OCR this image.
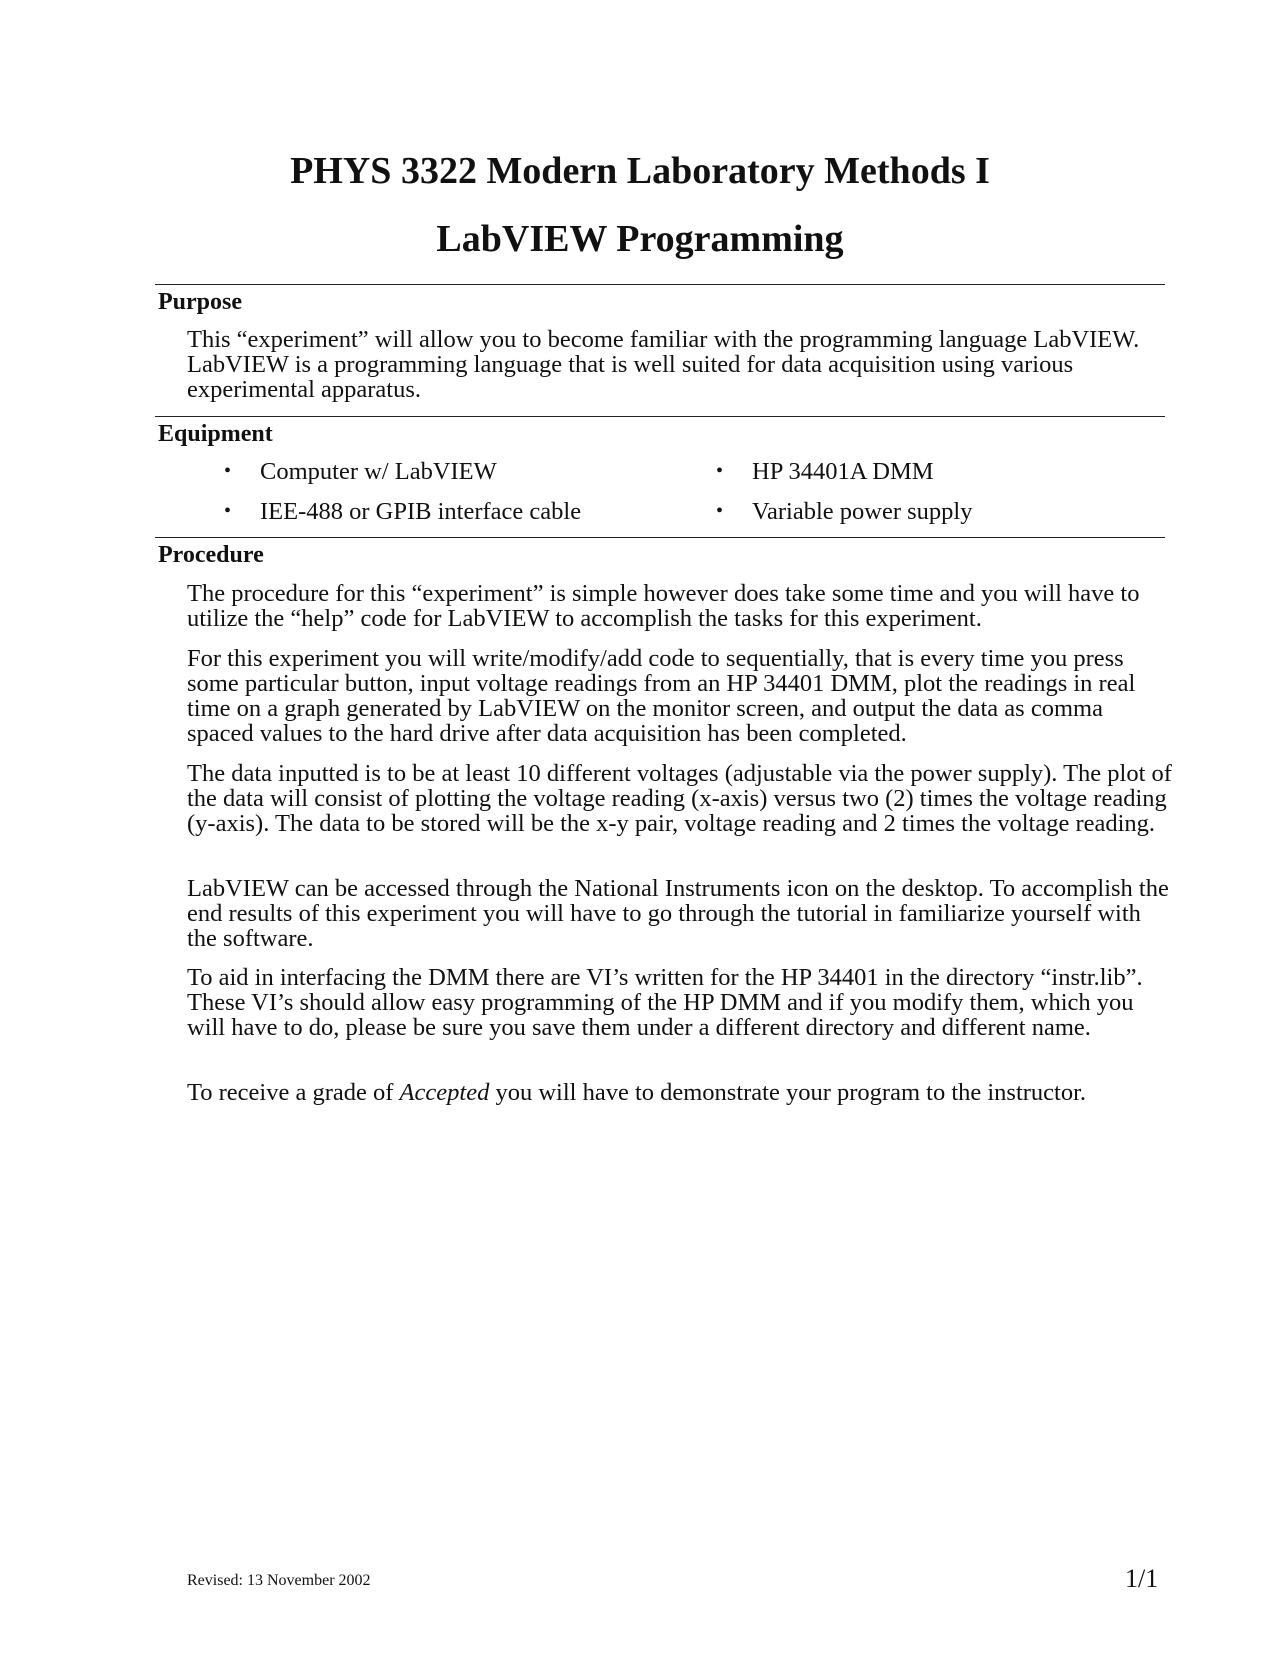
PHYS 3322 Modern Laboratory Methods I
LabVIEW Programming
Purpose

This “experiment” will allow you to become familiar with the programming language LabVIEW. LabVIEW is a programming language that is well suited for data acquisition using various experimental apparatus.

Equipment
• Computer w/ LabVIEW	• HP 34401A DMM
• IEE-488 or GPIB interface cable	• Variable power supply
Procedure

The procedure for this “experiment” is simple however does take some time and you will have to utilize the “help” code for LabVIEW to accomplish the tasks for this experiment.

For this experiment you will write/modify/add code to sequentially, that is every time you press some particular button, input voltage readings from an HP 34401 DMM, plot the readings in real time on a graph generated by LabVIEW on the monitor screen, and output the data as comma spaced values to the hard drive after data acquisition has been completed.

The data inputted is to be at least 10 different voltages (adjustable via the power supply). The plot of the data will consist of plotting the voltage reading (x-axis) versus two (2) times the voltage reading (y-axis). The data to be stored will be the x-y pair, voltage reading and 2 times the voltage reading.

LabVIEW can be accessed through the National Instruments icon on the desktop. To accomplish the end results of this experiment you will have to go through the tutorial in familiarize yourself with the software.

To aid in interfacing the DMM there are VI’s written for the HP 34401 in the directory “instr.lib”. These VI’s should allow easy programming of the HP DMM and if you modify them, which you will have to do, please be sure you save them under a different directory and different name.

To receive a grade of Accepted you will have to demonstrate your program to the instructor.

Revised: 13 November 2002	1/1
